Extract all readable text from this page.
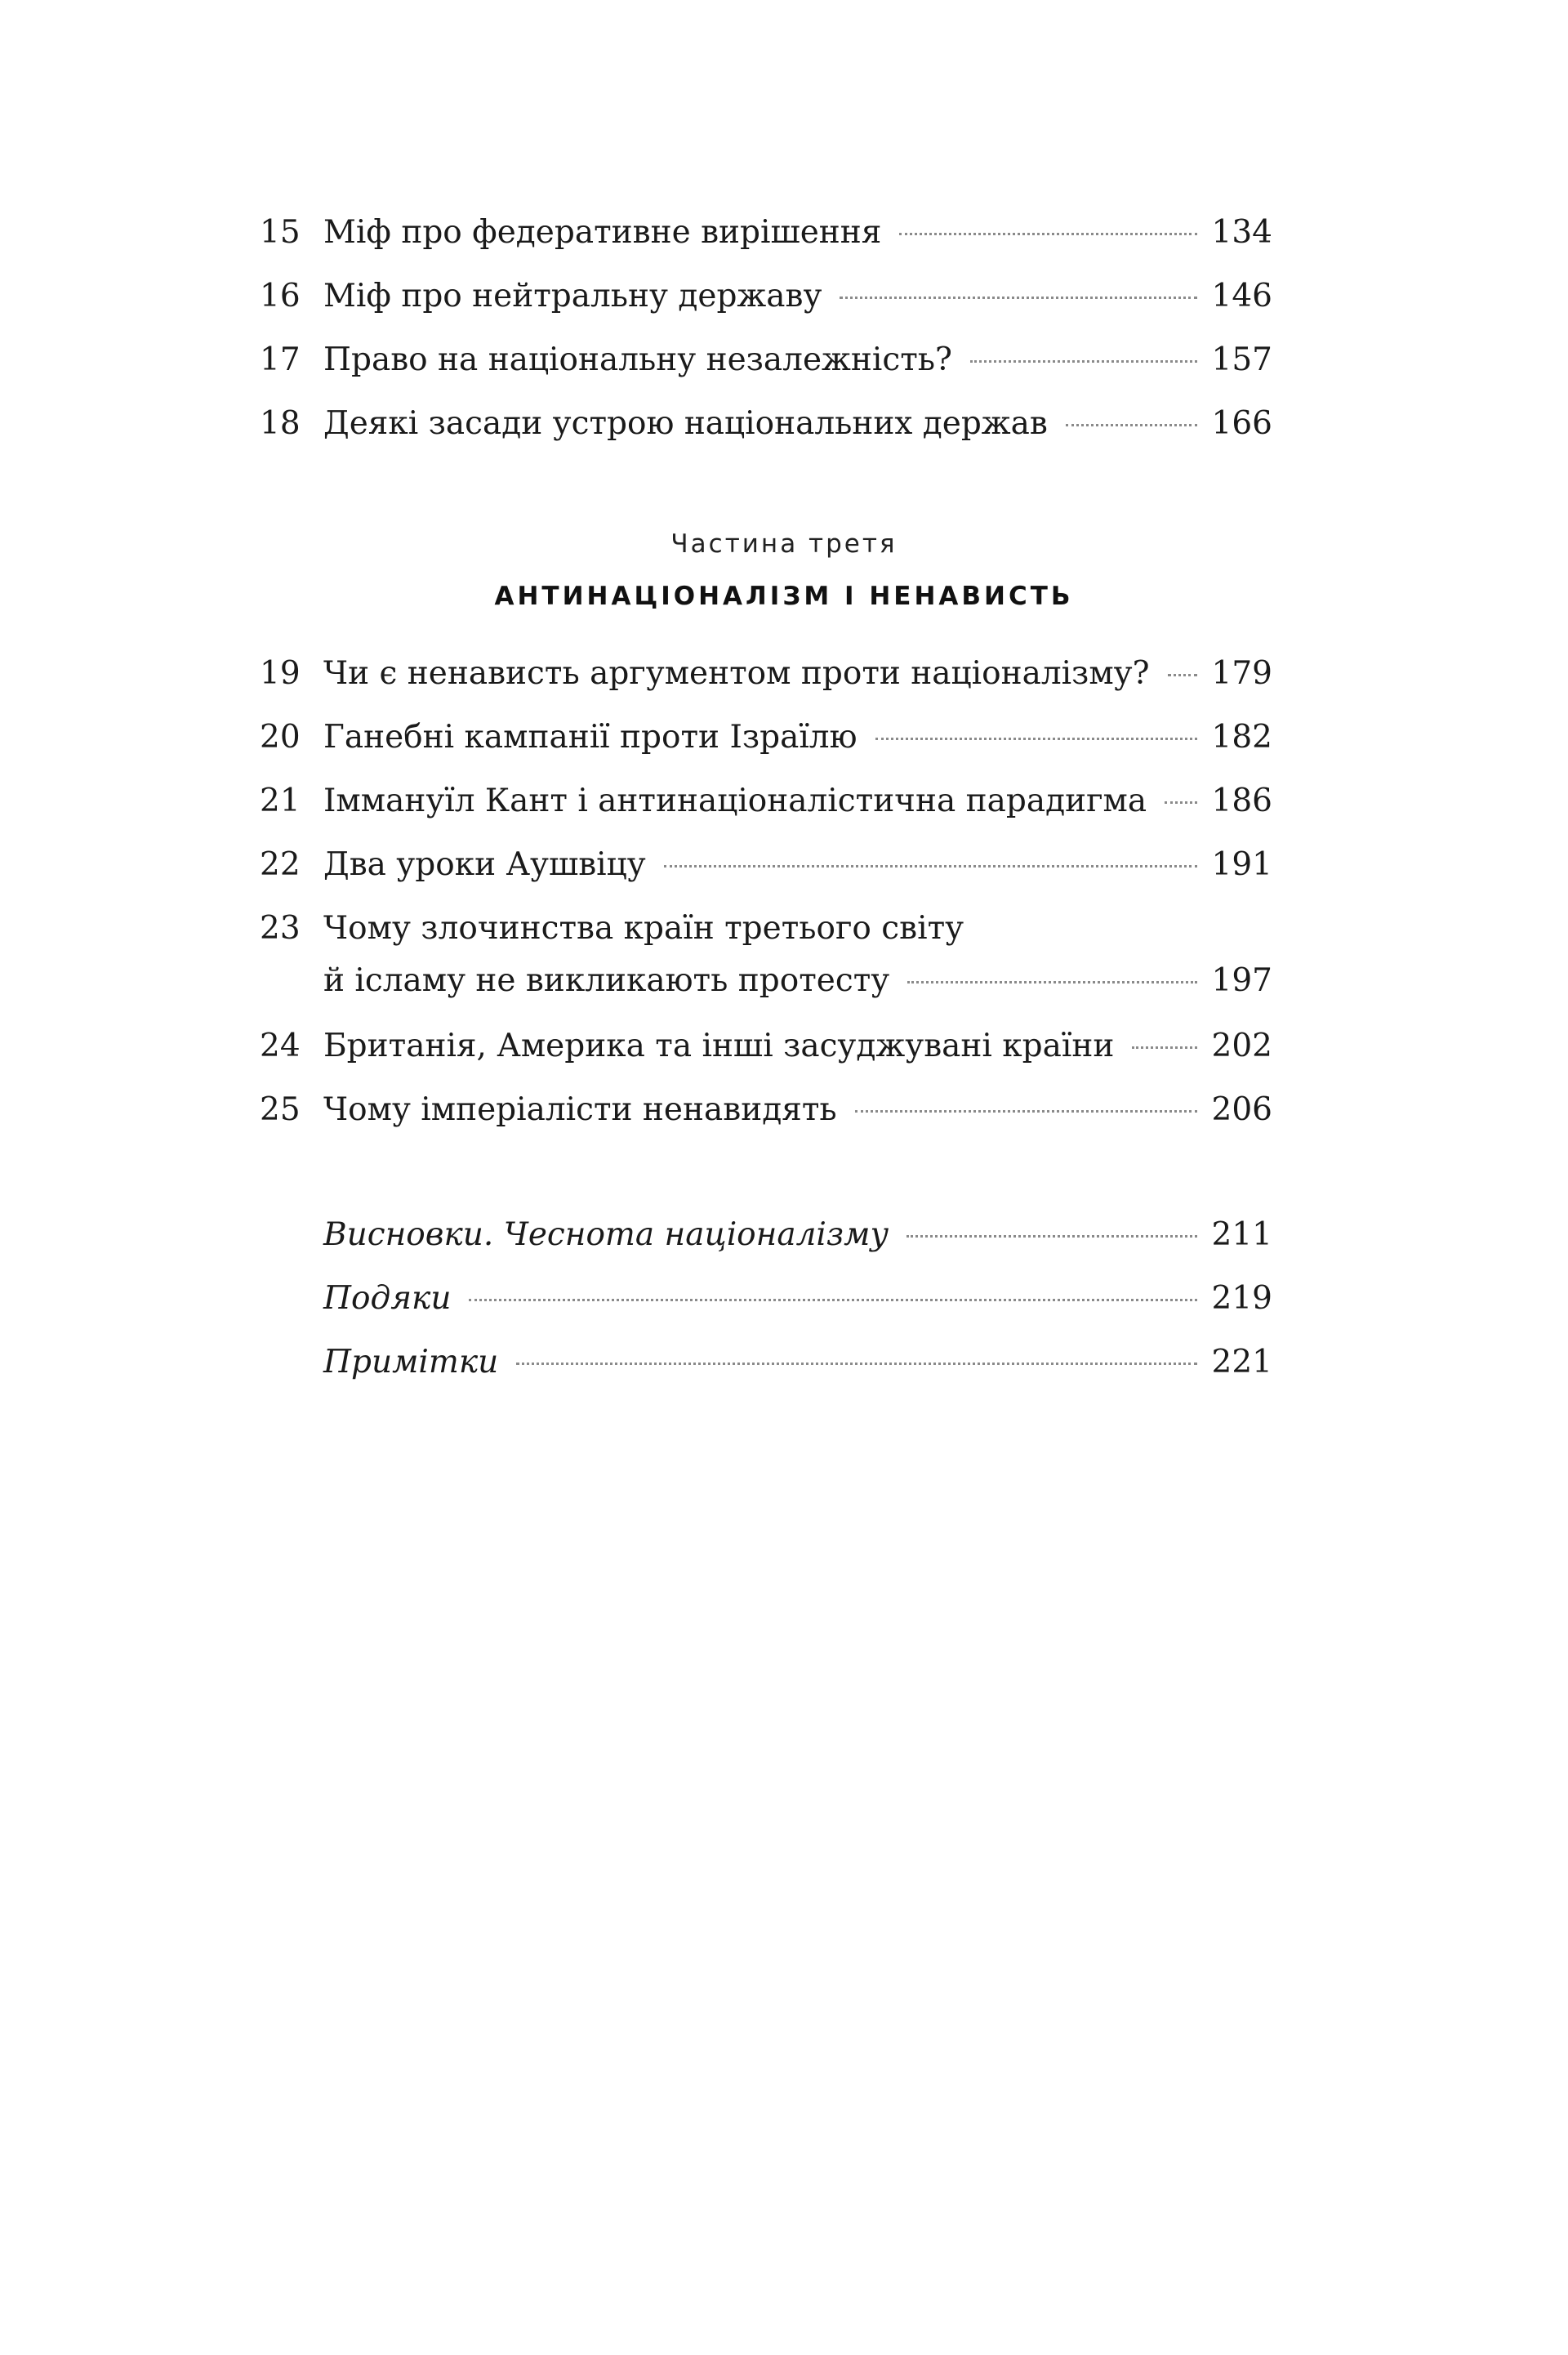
15 Міф про федеративне вирішення	134
16 Міф про нейтральну державу	146
17 Право на національну незалежність?	157
18 Деякі засади устрою національних держав	166
Частина третя
АНТИНАЦІОНАЛІЗМ І НЕНАВИСТЬ
19 Чи є ненависть аргументом проти націоналізму? 179
20 Ганебні кампанії проти Ізраїлю	182
21 Іммануїл Кант і антинаціоналістична парадигма 186
22 Два уроки Аушвіцу	191
23 Чому злочинства країн третього світу
й ісламу не викликають протесту	197
24 Британія, Америка та інші засуджувані країни	202
25 Чому імперіалісти ненавидять	206
Висновки. Чеснота націоналізму	211
Подяки	219
Примітки	221
